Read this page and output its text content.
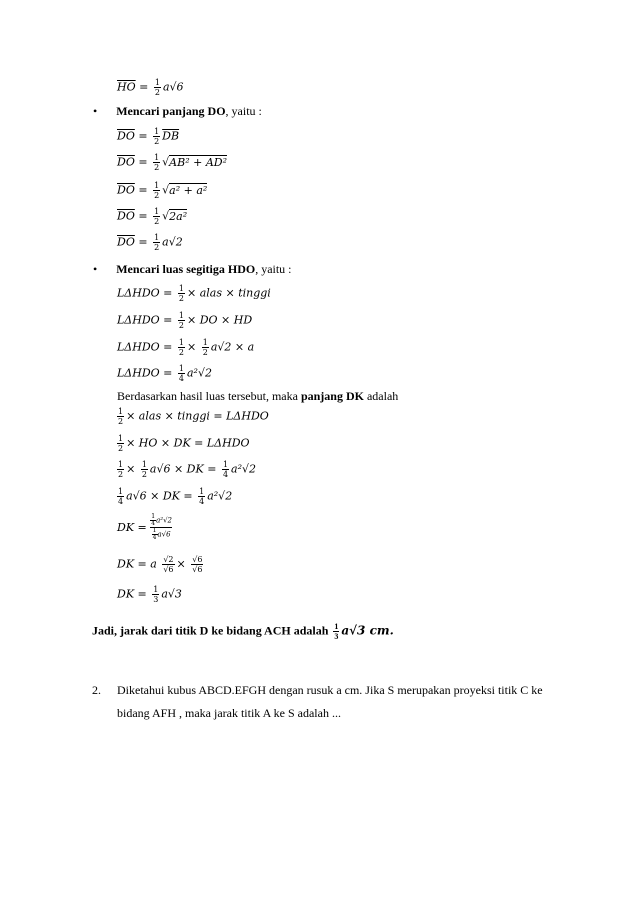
$\overline{HO} = \frac{1}{2} a√6$
• Mencari panjang DO, yaitu :
$\overline{DO} = \frac{1}{2} \overline{DB}$
$\overline{DO} = \frac{1}{2} √AB^2 + AD^2$
$\overline{DO} = \frac{1}{2} √a^2 + a^2$
$\overline{DO} = \frac{1}{2} √2a^2$
$\overline{DO} = \frac{1}{2} a√2$
• Mencari luas segitiga HDO, yaitu :
$L\Delta HDO = \frac{1}{2}$ × alas × tinggi
$L\Delta HDO = \frac{1}{2}$ × DO × HD
$L\Delta HDO = \frac{1}{2} \times \frac{1}{2} a√2 \times a$
$L\Delta HDO = \frac{1}{4} a^2√2$
Berdasarkan hasil luas tersebut, maka panjang DK adalah
$\frac{1}{2}$ × alas × tinggi = LΔHDO
$\frac{1}{2}$ × HO × DK = LΔHDO
$\frac{1}{2} \times \frac{1}{2} a√6$ × DK = $\frac{1}{4} a^2√2$
$\frac{1}{4} a√6$ × DK = $\frac{1}{4} a^2√2$
DK = $\frac{\frac{1}{4} a^2√2}{\frac{1}{4} a√6}$
DK = a $\frac{√2}{√6} \times \frac{√6}{√6}$
DK = $\frac{1}{3} a√3$
Jadi, jarak dari titik D ke bidang ACH adalah $\frac{1}{3} a√3$ cm.
2. Diketahui kubus ABCD.EFGH dengan rusuk a cm. Jika S merupakan proyeksi titik C ke
bidang AFH , maka jarak titik A ke S adalah ...
